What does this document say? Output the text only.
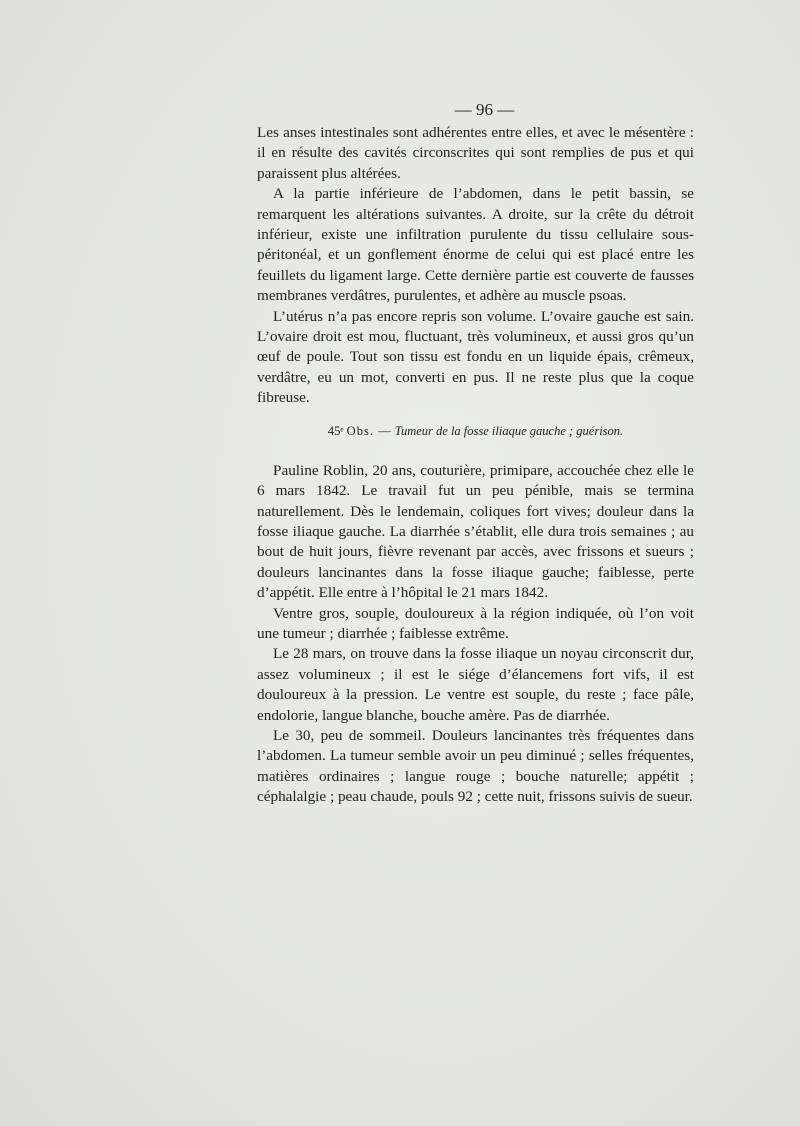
— 96 —

Les anses intestinales sont adhérentes entre elles, et avec le mésentère : il en résulte des cavités circonscrites qui sont remplies de pus et qui paraissent plus altérées.

A la partie inférieure de l’abdomen, dans le petit bassin, se remarquent les altérations suivantes. A droite, sur la crête du détroit inférieur, existe une infiltration purulente du tissu cellulaire sous-péritonéal, et un gonflement énorme de celui qui est placé entre les feuillets du ligament large. Cette dernière partie est couverte de fausses membranes verdâtres, purulentes, et adhère au muscle psoas.

L’utérus n’a pas encore repris son volume. L’ovaire gauche est sain. L’ovaire droit est mou, fluctuant, très volumineux, et aussi gros qu’un œuf de poule. Tout son tissu est fondu en un liquide épais, crêmeux, verdâtre, eu un mot, converti en pus. Il ne reste plus que la coque fibreuse.

45ᵉ Obs. — Tumeur de la fosse iliaque gauche ; guérison.

Pauline Roblin, 20 ans, couturière, primipare, accouchée chez elle le 6 mars 1842. Le travail fut un peu pénible, mais se termina naturellement. Dès le lendemain, coliques fort vives; douleur dans la fosse iliaque gauche. La diarrhée s’établit, elle dura trois semaines ; au bout de huit jours, fièvre revenant par accès, avec frissons et sueurs ; douleurs lancinantes dans la fosse iliaque gauche; faiblesse, perte d’appétit. Elle entre à l’hôpital le 21 mars 1842.

Ventre gros, souple, douloureux à la région indiquée, où l’on voit une tumeur ; diarrhée ; faiblesse extrême.

Le 28 mars, on trouve dans la fosse iliaque un noyau circonscrit dur, assez volumineux ; il est le siége d’élancemens fort vifs, il est douloureux à la pression. Le ventre est souple, du reste ; face pâle, endolorie, langue blanche, bouche amère. Pas de diarrhée.

Le 30, peu de sommeil. Douleurs lancinantes très fréquentes dans l’abdomen. La tumeur semble avoir un peu diminué ; selles fréquentes, matières ordinaires ; langue rouge ; bouche naturelle; appétit ; céphalalgie ; peau chaude, pouls 92 ; cette nuit, frissons suivis de sueur.
